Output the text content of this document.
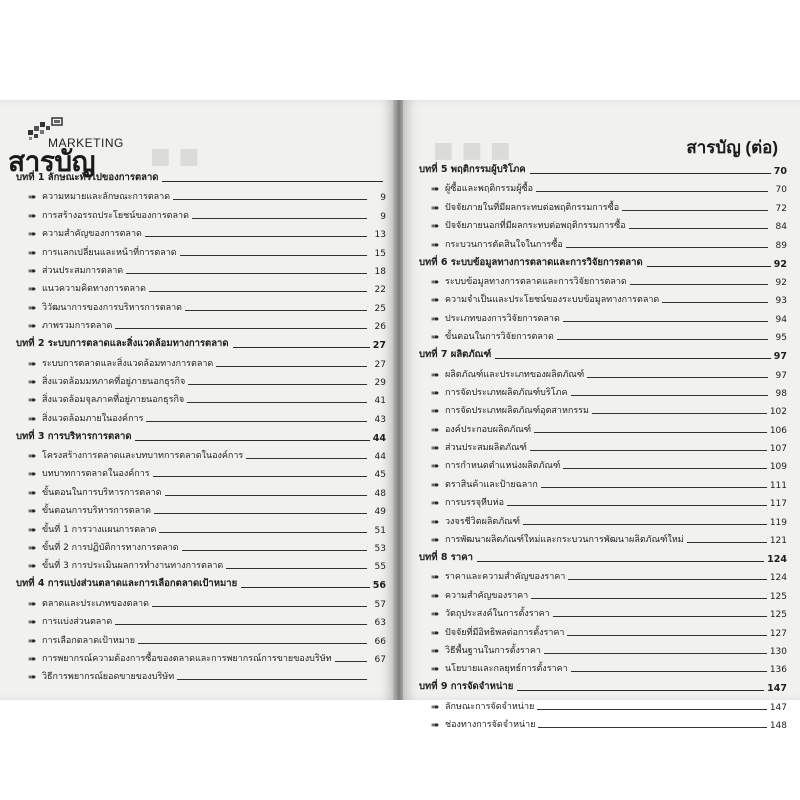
■ ■
MARKETING
สารบัญ
บทที่ 1 ลักษณะทั่วไปของการตลาด
➠ ความหมายและลักษณะการตลาด	9
➠ การสร้างอรรถประโยชน์ของการตลาด	9
➠ ความสำคัญของการตลาด	13
➠ การแลกเปลี่ยนและหน้าที่การตลาด	15
➠ ส่วนประสมการตลาด	18
➠ แนวความคิดทางการตลาด	22
➠ วิวัฒนาการของการบริหารการตลาด	25
➠ ภาพรวมการตลาด	26
บทที่ 2 ระบบการตลาดและสิ่งแวดล้อมทางการตลาด	27
➠ ระบบการตลาดและสิ่งแวดล้อมทางการตลาด	27
➠ สิ่งแวดล้อมมหภาคที่อยู่ภายนอกธุรกิจ	29
➠ สิ่งแวดล้อมจุลภาคที่อยู่ภายนอกธุรกิจ	41
➠ สิ่งแวดล้อมภายในองค์การ	43
บทที่ 3 การบริหารการตลาด	44
➠ โครงสร้างการตลาดและบทบาทการตลาดในองค์การ	44
➠ บทบาทการตลาดในองค์การ	45
➠ ขั้นตอนในการบริหารการตลาด	48
➠ ขั้นตอนการบริหารการตลาด	49
➠ ขั้นที่ 1 การวางแผนการตลาด	51
➠ ขั้นที่ 2 การปฏิบัติการทางการตลาด	53
➠ ขั้นที่ 3 การประเมินผลการทำงานทางการตลาด	55
บทที่ 4 การแบ่งส่วนตลาดและการเลือกตลาดเป้าหมาย	56
➠ ตลาดและประเภทของตลาด	57
➠ การแบ่งส่วนตลาด	63
➠ การเลือกตลาดเป้าหมาย	66
➠ การพยากรณ์ความต้องการซื้อของตลาดและการพยากรณ์การขายของบริษัท	67
➠ วิธีการพยากรณ์ยอดขายของบริษัท
■ ■ ■	สารบัญ (ต่อ)
บทที่ 5 พฤติกรรมผู้บริโภค	70
➠ ผู้ซื้อและพฤติกรรมผู้ซื้อ	70
➠ ปัจจัยภายในที่มีผลกระทบต่อพฤติกรรมการซื้อ	72
➠ ปัจจัยภายนอกที่มีผลกระทบต่อพฤติกรรมการซื้อ	84
➠ กระบวนการตัดสินใจในการซื้อ	89
บทที่ 6 ระบบข้อมูลทางการตลาดและการวิจัยการตลาด	92
➠ ระบบข้อมูลทางการตลาดและการวิจัยการตลาด	92
➠ ความจำเป็นและประโยชน์ของระบบข้อมูลทางการตลาด	93
➠ ประเภทของการวิจัยการตลาด	94
➠ ขั้นตอนในการวิจัยการตลาด	95
บทที่ 7 ผลิตภัณฑ์	97
➠ ผลิตภัณฑ์และประเภทของผลิตภัณฑ์	97
➠ การจัดประเภทผลิตภัณฑ์บริโภค	98
➠ การจัดประเภทผลิตภัณฑ์อุตสาหกรรม	102
➠ องค์ประกอบผลิตภัณฑ์	106
➠ ส่วนประสมผลิตภัณฑ์	107
➠ การกำหนดตำแหน่งผลิตภัณฑ์	109
➠ ตราสินค้าและป้ายฉลาก	111
➠ การบรรจุหีบห่อ	117
➠ วงจรชีวิตผลิตภัณฑ์	119
➠ การพัฒนาผลิตภัณฑ์ใหม่และกระบวนการพัฒนาผลิตภัณฑ์ใหม่	121
บทที่ 8 ราคา	124
➠ ราคาและความสำคัญของราคา	124
➠ ความสำคัญของราคา	125
➠ วัตถุประสงค์ในการตั้งราคา	125
➠ ปัจจัยที่มีอิทธิพลต่อการตั้งราคา	127
➠ วิธีพื้นฐานในการตั้งราคา	130
➠ นโยบายและกลยุทธ์การตั้งราคา	136
บทที่ 9 การจัดจำหน่าย	147
➠ ลักษณะการจัดจำหน่าย	147
➠ ช่องทางการจัดจำหน่าย	148
